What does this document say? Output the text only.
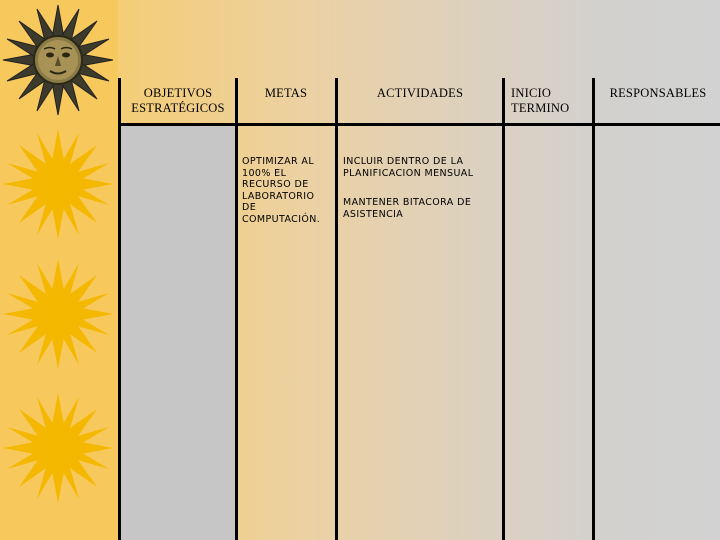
OBJETIVOS ESTRATÉGICOS
METAS	ACTIVIDADES	INICIO
TERMINO
RESPONSABLES
OPTIMIZAR AL 100% EL RECURSO DE LABORATORIO DE COMPUTACIÓN.
INCLUIR DENTRO DE LA PLANIFICACION MENSUAL
MANTENER BITACORA DE ASISTENCIA
